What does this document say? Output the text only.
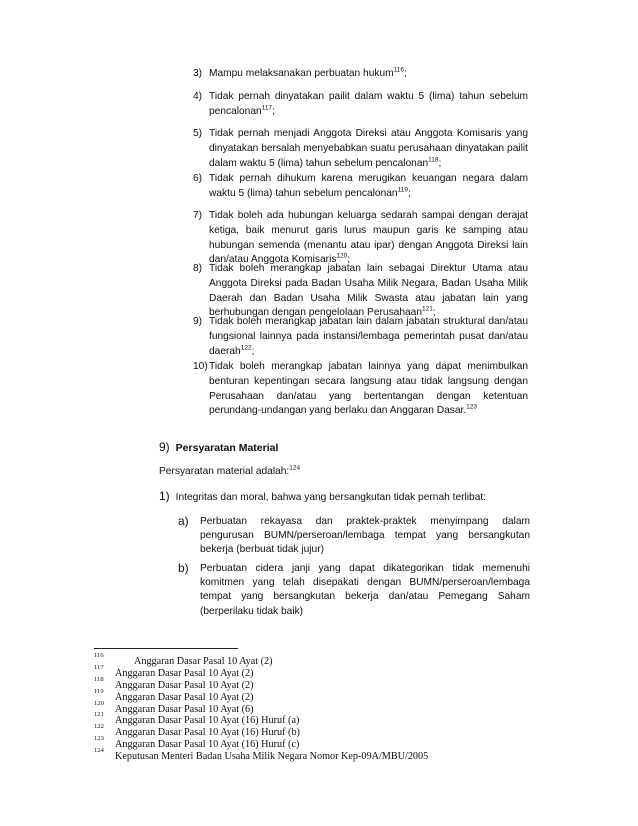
3) Mampu melaksanakan perbuatan hukum$^{116}$;
4) Tidak pernah dinyatakan pailit dalam waktu 5 (lima) tahun sebelum pencalonan$^{117}$;
5) Tidak pernah menjadi Anggota Direksi atau Anggota Komisaris yang dinyatakan bersalah menyebabkan suatu perusahaan dinyatakan pailit dalam waktu 5 (lima) tahun sebelum pencalonan$^{118}$;
6) Tidak pernah dihukum karena merugikan keuangan negara dalam waktu 5 (lima) tahun sebelum pencalonan$^{119}$;
7) Tidak boleh ada hubungan keluarga sedarah sampai dengan derajat ketiga, baik menurut garis lurus maupun garis ke samping atau hubungan semenda (menantu atau ipar) dengan Anggota Direksi lain dan/atau Anggota Komisaris$^{120}$;
8) Tidak boleh merangkap jabatan lain sebagai Direktur Utama atau Anggota Direksi pada Badan Usaha Milik Negara, Badan Usaha Milik Daerah dan Badan Usaha Milik Swasta atau jabatan lain yang berhubungan dengan pengelolaan Perusahaan$^{121}$;
9) Tidak boleh merangkap jabatan lain dalam jabatan struktural dan/atau fungsional lainnya pada instansi/lembaga pemerintah pusat dan/atau daerah$^{122}$;
10) Tidak boleh merangkap jabatan lainnya yang dapat menimbulkan benturan kepentingan secara langsung atau tidak langsung dengan Perusahaan dan/atau yang bertentangan dengan ketentuan perundang-undangan yang berlaku dan Anggaran Dasar.$^{123}$
9) Persyaratan Material
Persyaratan material adalah:$^{124}$
1) Integritas dan moral, bahwa yang bersangkutan tidak pernah terlibat:
a) Perbuatan rekayasa dan praktek-praktek menyimpang dalam pengurusan BUMN/perseroan/lembaga tempat yang bersangkutan bekerja (berbuat tidak jujur)
b) Perbuatan cidera janji yang dapat dikategorikan tidak memenuhi komitmen yang telah disepakati dengan BUMN/perseroan/lembaga tempat yang bersangkutan bekerja dan/atau Pemegang Saham (berperilaku tidak baik)
116
Anggaran Dasar Pasal 10 Ayat (2)
117
Anggaran Dasar Pasal 10 Ayat (2)
118
Anggaran Dasar Pasal 10 Ayat (2)
119
Anggaran Dasar Pasal 10 Ayat (2)
120
Anggaran Dasar Pasal 10 Ayat (6)
121
Anggaran Dasar Pasal 10 Ayat (16) Huruf (a)
122
Anggaran Dasar Pasal 10 Ayat (16) Huruf (b)
123
Anggaran Dasar Pasal 10 Ayat (16) Huruf (c)
124
Keputusan Menteri Badan Usaha Milik Negara Nomor Kep-09A/MBU/2005
